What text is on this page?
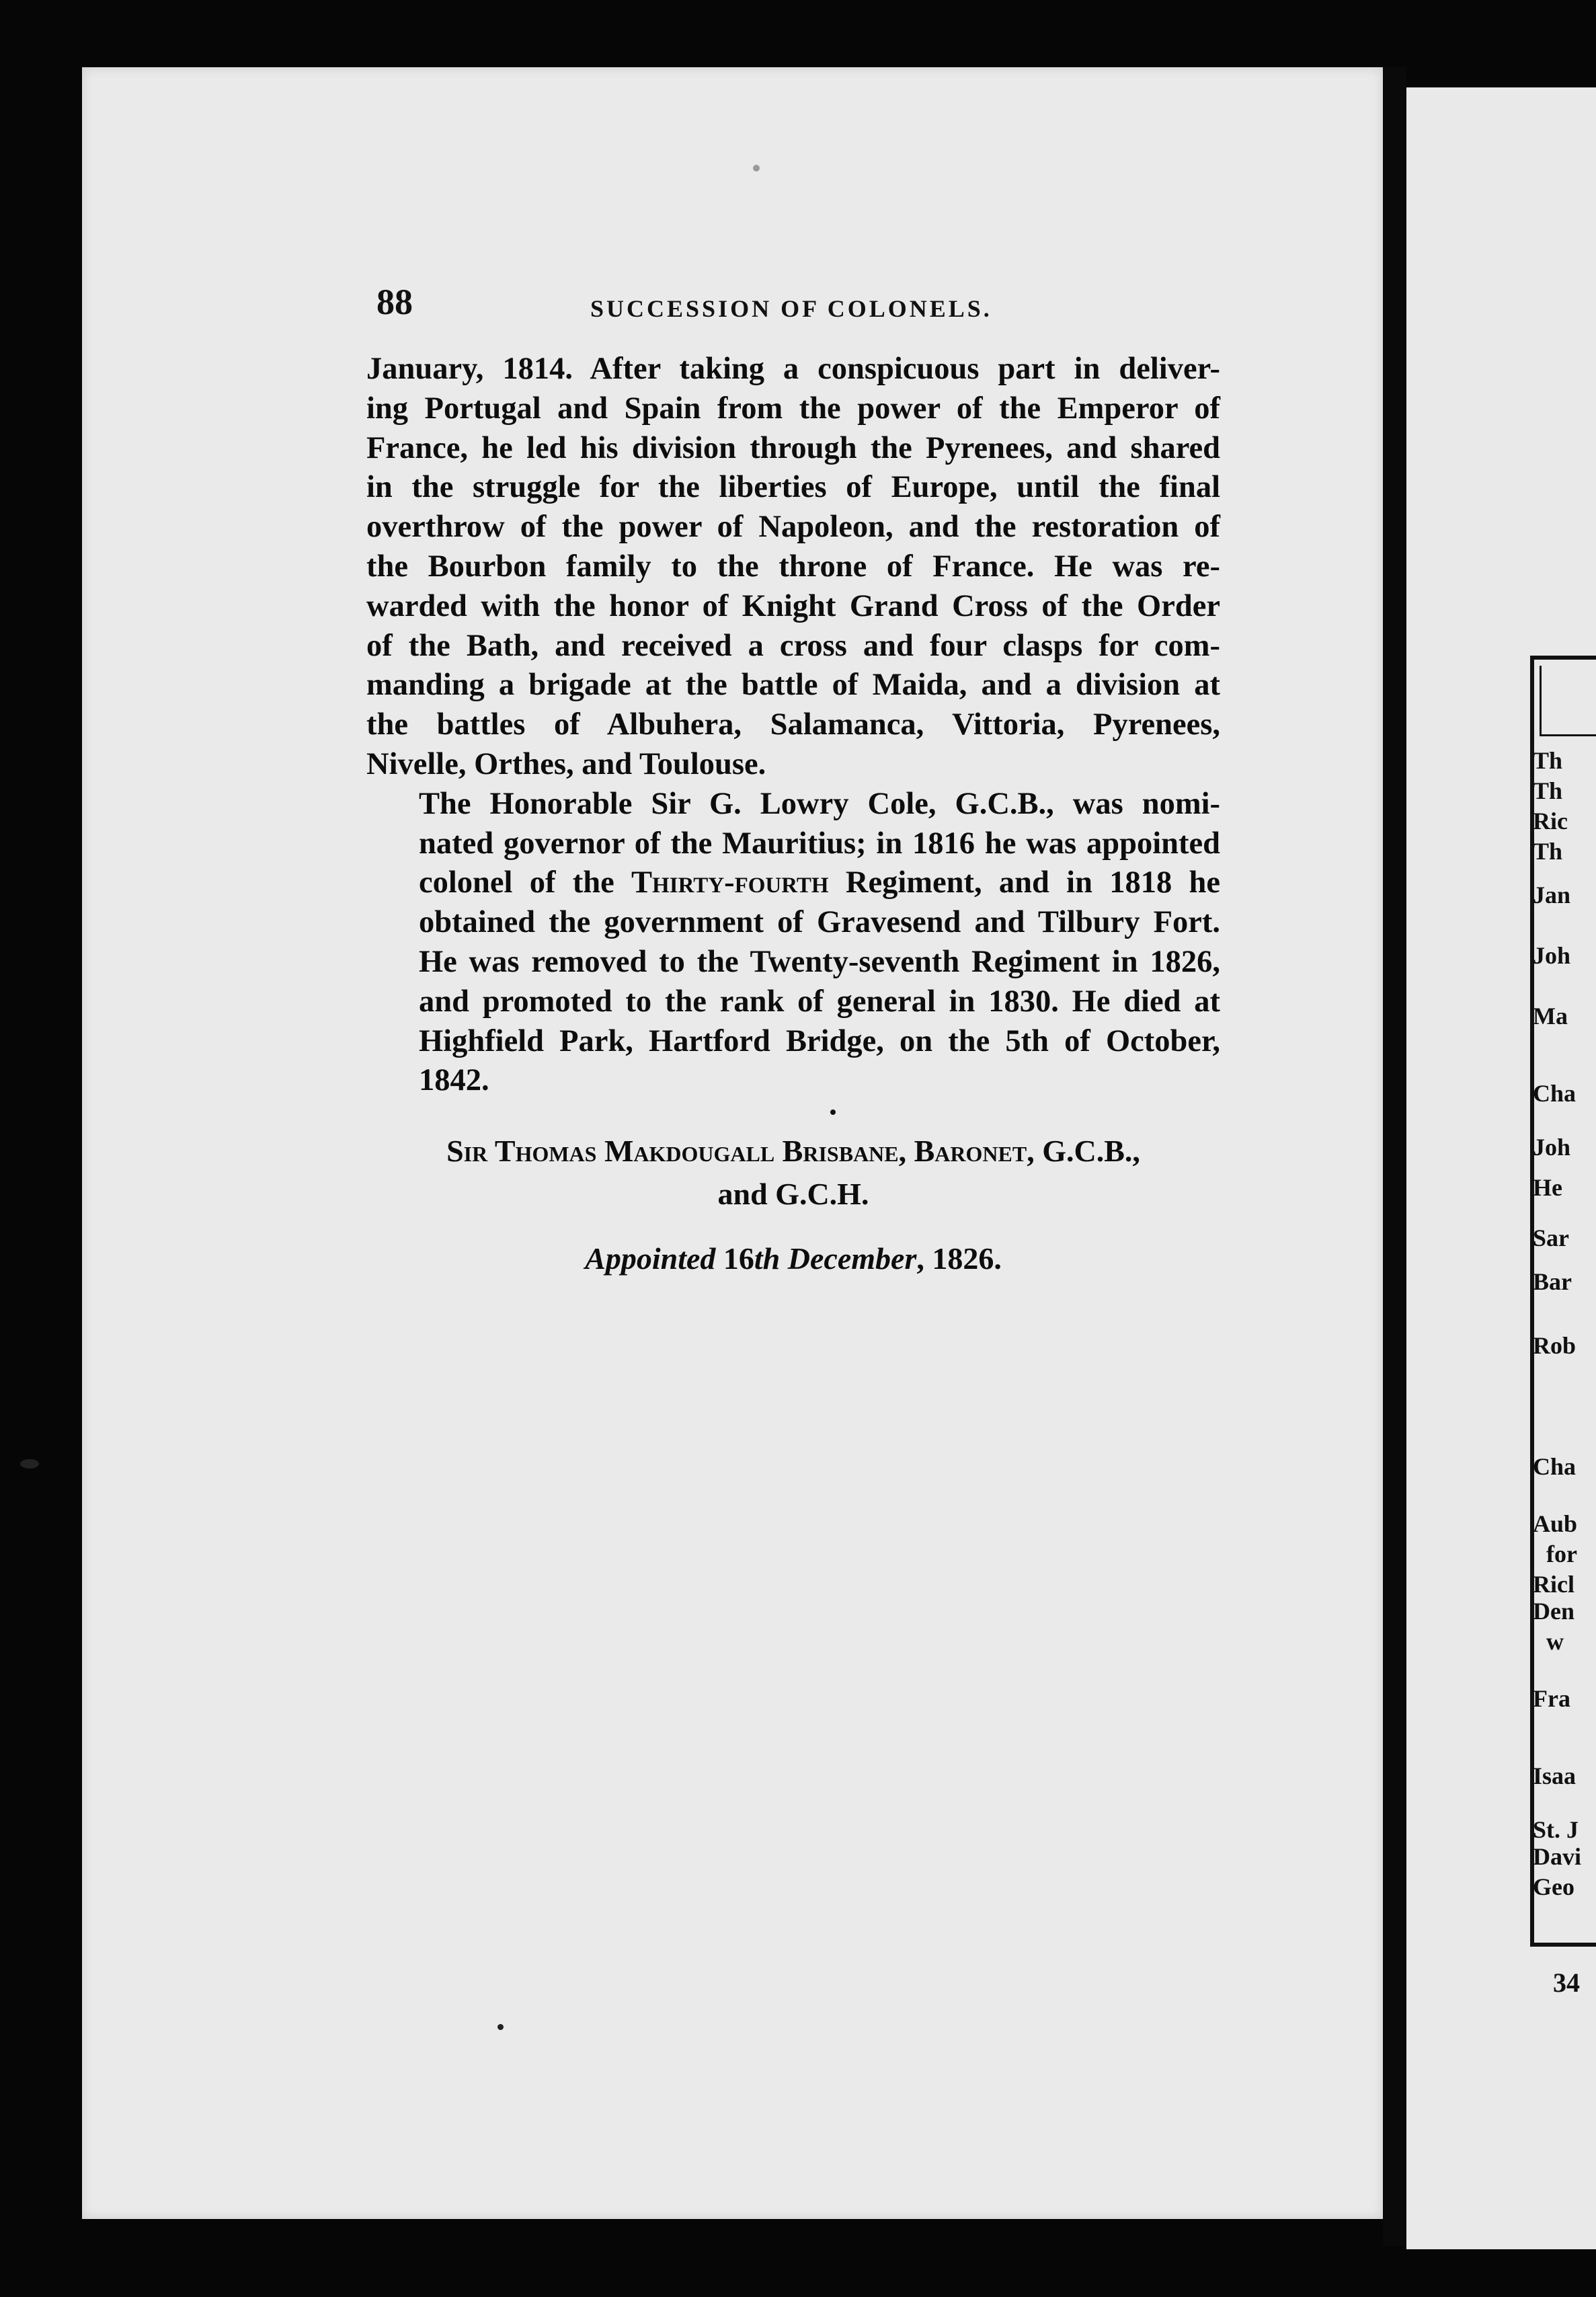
88	SUCCESSION OF COLONELS.
January, 1814. After taking a conspicuous part in deliver-
ing Portugal and Spain from the power of the Emperor of
France, he led his division through the Pyrenees, and shared
in the struggle for the liberties of Europe, until the final
overthrow of the power of Napoleon, and the restoration of
the Bourbon family to the throne of France. He was re-
warded with the honor of Knight Grand Cross of the Order
of the Bath, and received a cross and four clasps for com-
manding a brigade at the battle of Maida, and a division at
the battles of Albuhera, Salamanca, Vittoria, Pyrenees,
Nivelle, Orthes, and Toulouse.
The Honorable Sir G. Lowry Cole, G.C.B., was nomi-
nated governor of the Mauritius; in 1816 he was appointed
colonel of the Thirty-fourth Regiment, and in 1818 he
obtained the government of Gravesend and Tilbury Fort.
He was removed to the Twenty-seventh Regiment in 1826,
and promoted to the rank of general in 1830. He died at
Highfield Park, Hartford Bridge, on the 5th of October,
1842.
Sir Thomas Makdougall Brisbane, Baronet, G.C.B.,
and G.C.H.
Appointed 16th December, 1826.
Th
Th
Ric
Th
Jan
Joh
Ma
Cha
Joh
He
Sar
Bar
Rob
Cha
Aub
for
Ricl
Den
w
Fra
Isaa
St. J
Davi
Geo
34
